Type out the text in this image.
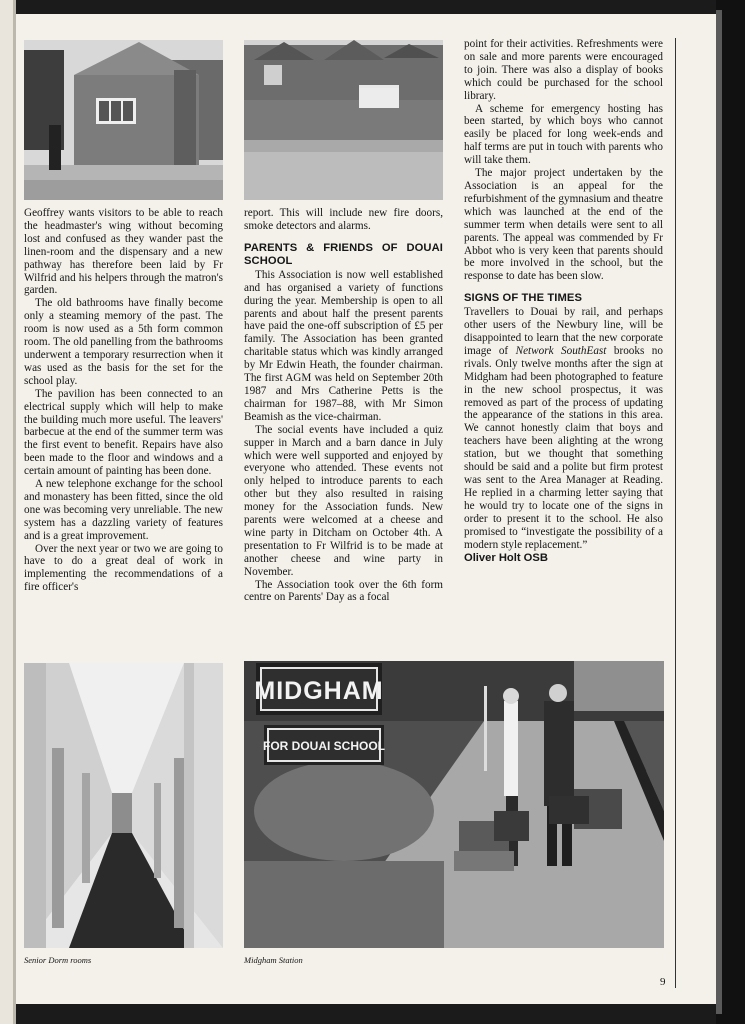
Geoffrey wants visitors to be able to reach the headmaster's wing without becoming lost and confused as they wander past the linen-room and the dispensary and a new pathway has therefore been laid by Fr Wilfrid and his helpers through the matron's garden.

The old bathrooms have finally become only a steaming memory of the past. The room is now used as a 5th form common room. The old panelling from the bathrooms underwent a temporary resurrection when it was used as the basis for the set for the school play.

The pavilion has been connected to an electrical supply which will help to make the building much more useful. The leavers' barbecue at the end of the summer term was the first event to benefit. Repairs have also been made to the floor and windows and a certain amount of painting has been done.

A new telephone exchange for the school and monastery has been fitted, since the old one was becoming very unreliable. The new system has a dazzling variety of features and is a great improvement.

Over the next year or two we are going to have to do a great deal of work in implementing the recommendations of a fire officer's

report. This will include new fire doors, smoke detectors and alarms.

PARENTS & FRIENDS OF DOUAI SCHOOL

This Association is now well established and has organised a variety of functions during the year. Membership is open to all parents and about half the present parents have paid the one-off subscription of £5 per family. The Association has been granted charitable status which was kindly arranged by Mr Edwin Heath, the founder chairman. The first AGM was held on September 20th 1987 and Mrs Catherine Petts is the chairman for 1987–88, with Mr Simon Beamish as the vice-chairman.

The social events have included a quiz supper in March and a barn dance in July which were well supported and enjoyed by everyone who attended. These events not only helped to introduce parents to each other but they also resulted in raising money for the Association funds. New parents were welcomed at a cheese and wine party in Ditcham on October 4th. A presentation to Fr Wilfrid is to be made at another cheese and wine party in November.

The Association took over the 6th form centre on Parents' Day as a focal

point for their activities. Refreshments were on sale and more parents were encouraged to join. There was also a display of books which could be purchased for the school library.

A scheme for emergency hosting has been started, by which boys who cannot easily be placed for long week-ends and half terms are put in touch with parents who will take them.

The major project undertaken by the Association is an appeal for the refurbishment of the gymnasium and theatre which was launched at the end of the summer term when details were sent to all parents. The appeal was commended by Fr Abbot who is very keen that parents should be more involved in the school, but the response to date has been slow.

SIGNS OF THE TIMES

Travellers to Douai by rail, and perhaps other users of the Newbury line, will be disappointed to learn that the new corporate image of Network SouthEast brooks no rivals. Only twelve months after the sign at Midgham had been photographed to feature in the new school prospectus, it was removed as part of the process of updating the appearance of the stations in this area. We cannot honestly claim that boys and teachers have been alighting at the wrong station, but we thought that something should be said and a polite but firm protest was sent to the Area Manager at Reading. He replied in a charming letter saying that he would try to locate one of the signs in order to present it to the school. He also promised to “investigate the possibility of a modern style replacement.”

Oliver Holt OSB

MIDGHAM
FOR DOUAI SCHOOL
Senior Dorm rooms	Midgham Station
9
